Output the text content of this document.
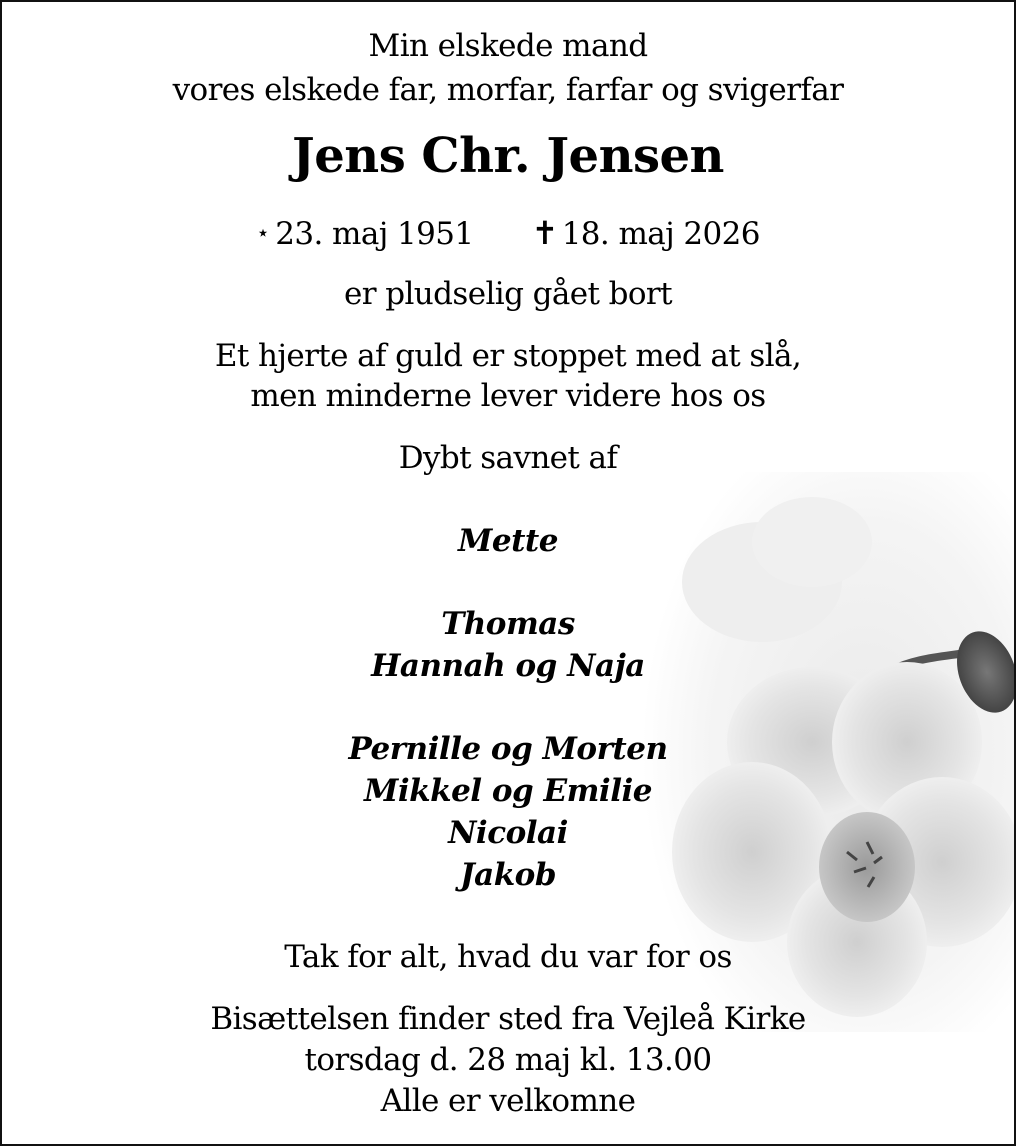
Min elskede mand
vores elskede far, morfar, farfar og svigerfar
Jens Chr. Jensen
⋆ 23. maj 1951 ✝ 18. maj 2026
er pludselig gået bort
Et hjerte af guld er stoppet med at slå,
men minderne lever videre hos os
Dybt savnet af
Mette
Thomas
Hannah og Naja
Pernille og Morten
Mikkel og Emilie
Nicolai
Jakob
Tak for alt, hvad du var for os
Bisættelsen finder sted fra Vejleå Kirke
torsdag d. 28 maj kl. 13.00
Alle er velkomne
